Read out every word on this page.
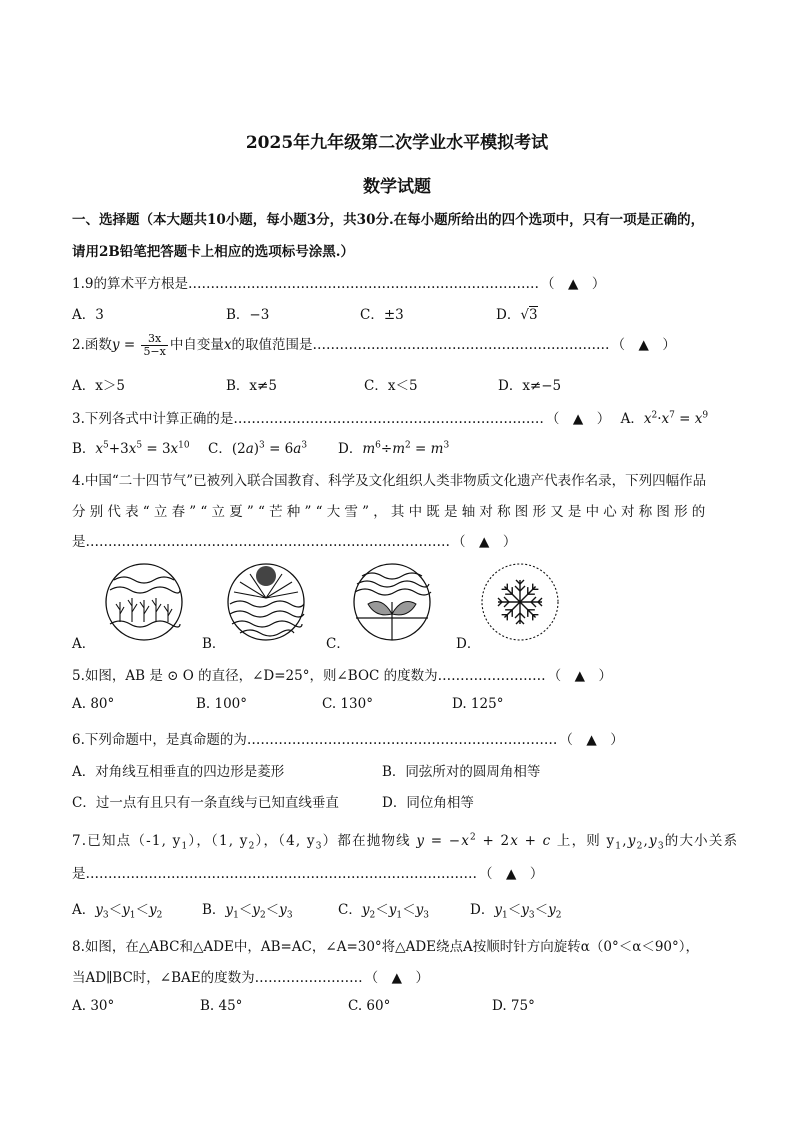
2025年九年级第二次学业水平模拟考试
数学试题
一、选择题（本大题共10小题，每小题3分，共30分.在每小题所给出的四个选项中，只有一项是正确的，
请用2B铅笔把答题卡上相应的选项标号涂黑.）
1.9的算术平方根是…………………………………………………………………… （　▲　）
A．3	B．−3	C．±3	D．√3
2.函数$y = \frac{3x}{5-x}$ 中自变量x的取值范围是………………………………………………………… （　▲　）
A．x＞5	B．x≠5	C．x＜5	D．x≠−5
3.下列各式中计算正确的是…………………………………………………………… （　▲　） A．$x^2\cdot x^7 = x^9$
B．$x^5+3x^5 = 3x^{10}$ C．$(2a)^3 = 6a^3$ D．$m^6\div m^2 = m^3$
4.中国“二十四节气”已被列入联合国教育、科学及文化组织人类非物质文化遗产代表作名录，下列四幅作品
分别代表“立春”“立夏”“芒种”“大雪”，其中既是轴对称图形又是中心对称图形的
是……………………………………………………………………… （　▲　）
A．	B．	C．	D．
5.如图，AB 是 ⊙ O 的直径，∠D=25°，则∠BOC 的度数为…………………… （　▲　）
A. 80°	B. 100°	C. 130°	D. 125°
6.下列命题中，是真命题的为…………………………………………………………… （　▲　）
A．对角线互相垂直的四边形是菱形	B．同弦所对的圆周角相等
C．过一点有且只有一条直线与已知直线垂直	D．同位角相等
7.已知点（-1, $y_1$），（1, $y_2$），（4, $y_3$）都在抛物线 $y = -x^2 + 2x + c$ 上，则 $y_1,y_2,y_3$的大小关系
是…………………………………………………………………………… （　▲　）
A．$y_3<y_1<y_2$	B．$y_1<y_2<y_3$	C．$y_2<y_1<y_3$	D．$y_1<y_3<y_2$
8.如图，在△ABC和△ADE中，AB=AC，∠A=30°将△ADE绕点A按顺时针方向旋转α（0°＜α＜90°），
当AD∥BC时，∠BAE的度数为…………………… （　▲　）
A. 30°	B. 45°	C. 60°	D. 75°
